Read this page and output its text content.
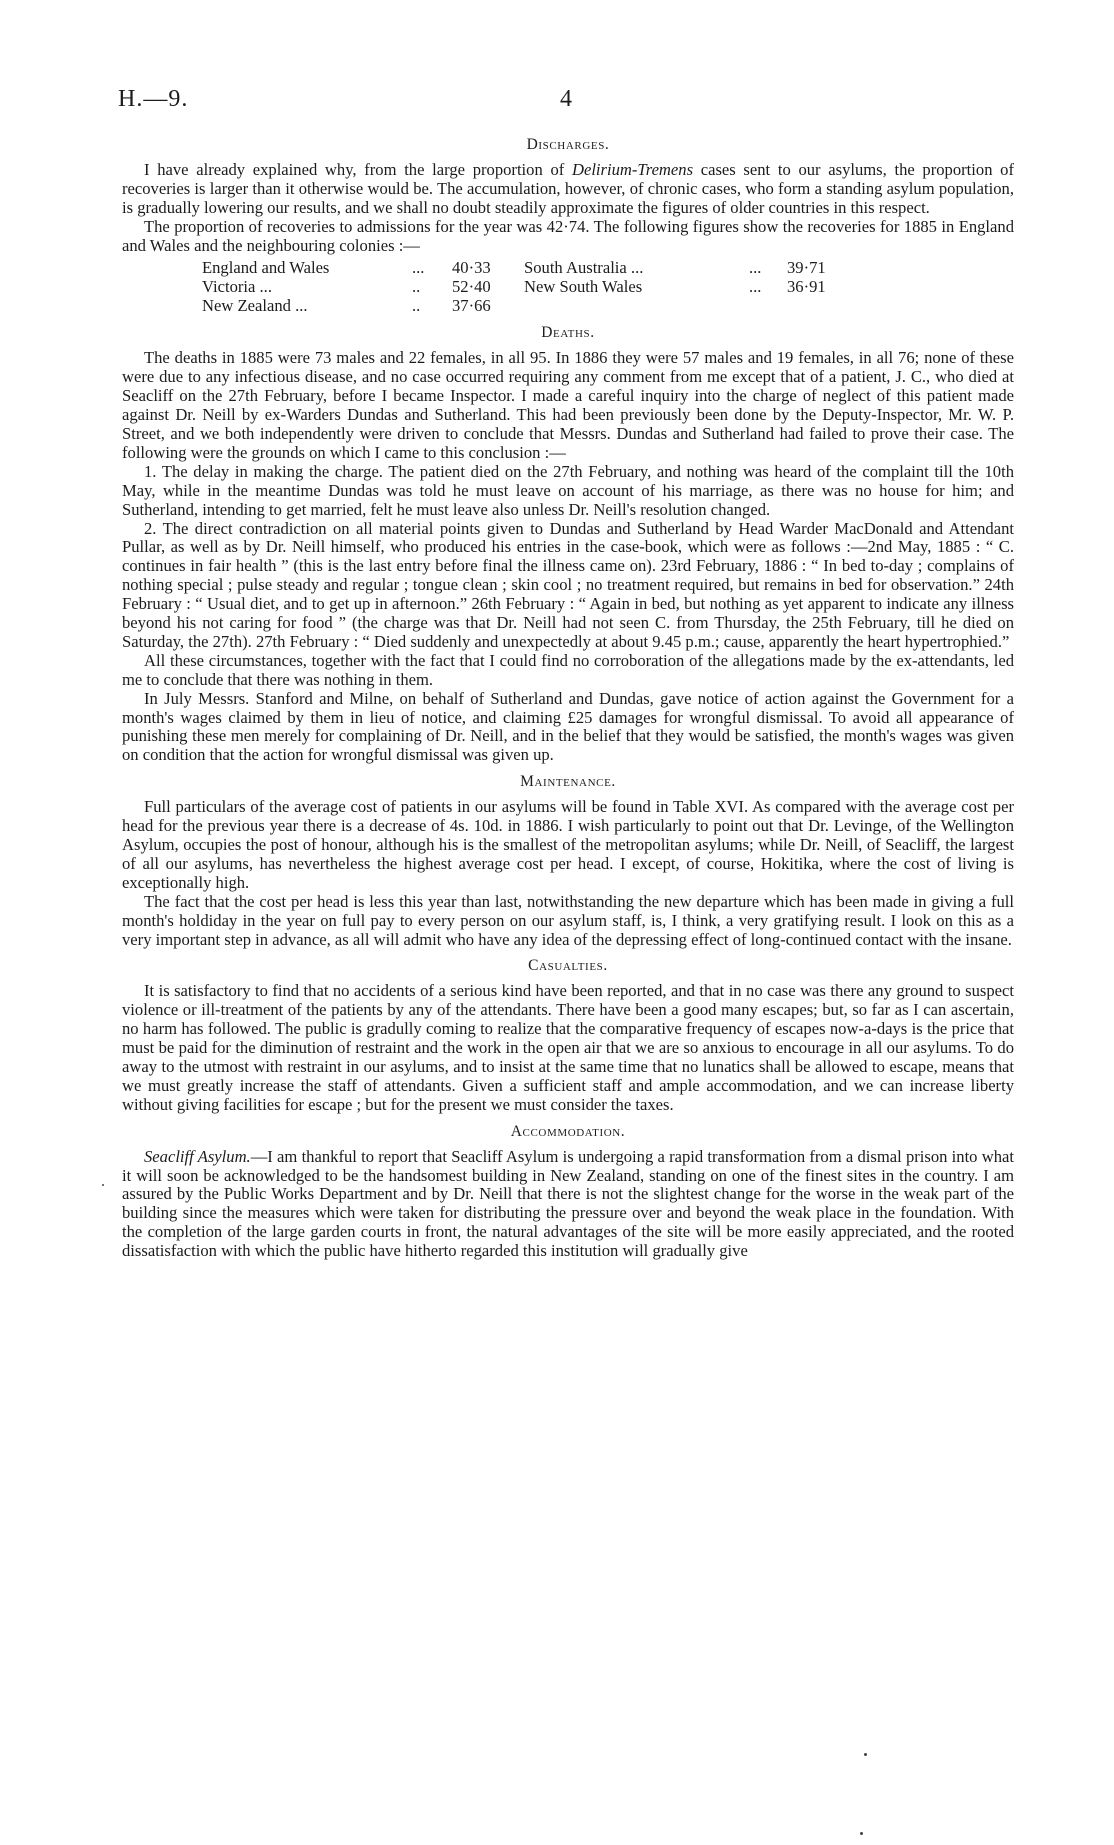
H.—9.	4
Discharges.

I have already explained why, from the large proportion of Delirium-Tremens cases sent to our asylums, the proportion of recoveries is larger than it otherwise would be. The accumulation, however, of chronic cases, who form a standing asylum population, is gradually lowering our results, and we shall no doubt steadily approximate the figures of older countries in this respect.

The proportion of recoveries to admissions for the year was 42·74. The following figures show the recoveries for 1885 in England and Wales and the neighbouring colonies :—

England and Wales	...	40·33	South Australia ...	...	39·71
Victoria ...	..	52·40	New South Wales	...	36·91
New Zealand ...	..	37·66
Deaths.

The deaths in 1885 were 73 males and 22 females, in all 95. In 1886 they were 57 males and 19 females, in all 76; none of these were due to any infectious disease, and no case occurred requiring any comment from me except that of a patient, J. C., who died at Seacliff on the 27th February, before I became Inspector. I made a careful inquiry into the charge of neglect of this patient made against Dr. Neill by ex-Warders Dundas and Sutherland. This had been previously been done by the Deputy-Inspector, Mr. W. P. Street, and we both independently were driven to conclude that Messrs. Dundas and Sutherland had failed to prove their case. The following were the grounds on which I came to this conclusion :—

1. The delay in making the charge. The patient died on the 27th February, and nothing was heard of the complaint till the 10th May, while in the meantime Dundas was told he must leave on account of his marriage, as there was no house for him; and Sutherland, intending to get married, felt he must leave also unless Dr. Neill's resolution changed.

2. The direct contradiction on all material points given to Dundas and Sutherland by Head Warder MacDonald and Attendant Pullar, as well as by Dr. Neill himself, who produced his entries in the case-book, which were as follows :—2nd May, 1885 : “ C. continues in fair health ” (this is the last entry before final the illness came on). 23rd February, 1886 : “ In bed to-day ; complains of nothing special ; pulse steady and regular ; tongue clean ; skin cool ; no treatment required, but remains in bed for observation.” 24th February : “ Usual diet, and to get up in afternoon.” 26th February : “ Again in bed, but nothing as yet apparent to indicate any illness beyond his not caring for food ” (the charge was that Dr. Neill had not seen C. from Thursday, the 25th February, till he died on Saturday, the 27th). 27th February : “ Died suddenly and unexpectedly at about 9.45 p.m.; cause, apparently the heart hypertrophied.”

All these circumstances, together with the fact that I could find no corroboration of the allegations made by the ex-attendants, led me to conclude that there was nothing in them.

In July Messrs. Stanford and Milne, on behalf of Sutherland and Dundas, gave notice of action against the Government for a month's wages claimed by them in lieu of notice, and claiming £25 damages for wrongful dismissal. To avoid all appearance of punishing these men merely for complaining of Dr. Neill, and in the belief that they would be satisfied, the month's wages was given on condition that the action for wrongful dismissal was given up.

Maintenance.

Full particulars of the average cost of patients in our asylums will be found in Table XVI. As compared with the average cost per head for the previous year there is a decrease of 4s. 10d. in 1886. I wish particularly to point out that Dr. Levinge, of the Wellington Asylum, occupies the post of honour, although his is the smallest of the metropolitan asylums; while Dr. Neill, of Seacliff, the largest of all our asylums, has nevertheless the highest average cost per head. I except, of course, Hokitika, where the cost of living is exceptionally high.

The fact that the cost per head is less this year than last, notwithstanding the new departure which has been made in giving a full month's holdiday in the year on full pay to every person on our asylum staff, is, I think, a very gratifying result. I look on this as a very important step in advance, as all will admit who have any idea of the depressing effect of long-continued contact with the insane.

Casualties.

It is satisfactory to find that no accidents of a serious kind have been reported, and that in no case was there any ground to suspect violence or ill-treatment of the patients by any of the attendants. There have been a good many escapes; but, so far as I can ascertain, no harm has followed. The public is gradully coming to realize that the comparative frequency of escapes now-a-days is the price that must be paid for the diminution of restraint and the work in the open air that we are so anxious to encourage in all our asylums. To do away to the utmost with restraint in our asylums, and to insist at the same time that no lunatics shall be allowed to escape, means that we must greatly increase the staff of attendants. Given a sufficient staff and ample accommodation, and we can increase liberty without giving facilities for escape ; but for the present we must consider the taxes.

Accommodation.

Seacliff Asylum.—I am thankful to report that Seacliff Asylum is undergoing a rapid transformation from a dismal prison into what it will soon be acknowledged to be the handsomest building in New Zealand, standing on one of the finest sites in the country. I am assured by the Public Works Department and by Dr. Neill that there is not the slightest change for the worse in the weak part of the building since the measures which were taken for distributing the pressure over and beyond the weak place in the foundation. With the completion of the large garden courts in front, the natural advantages of the site will be more easily appreciated, and the rooted dissatisfaction with which the public have hitherto regarded this institution will gradually give
